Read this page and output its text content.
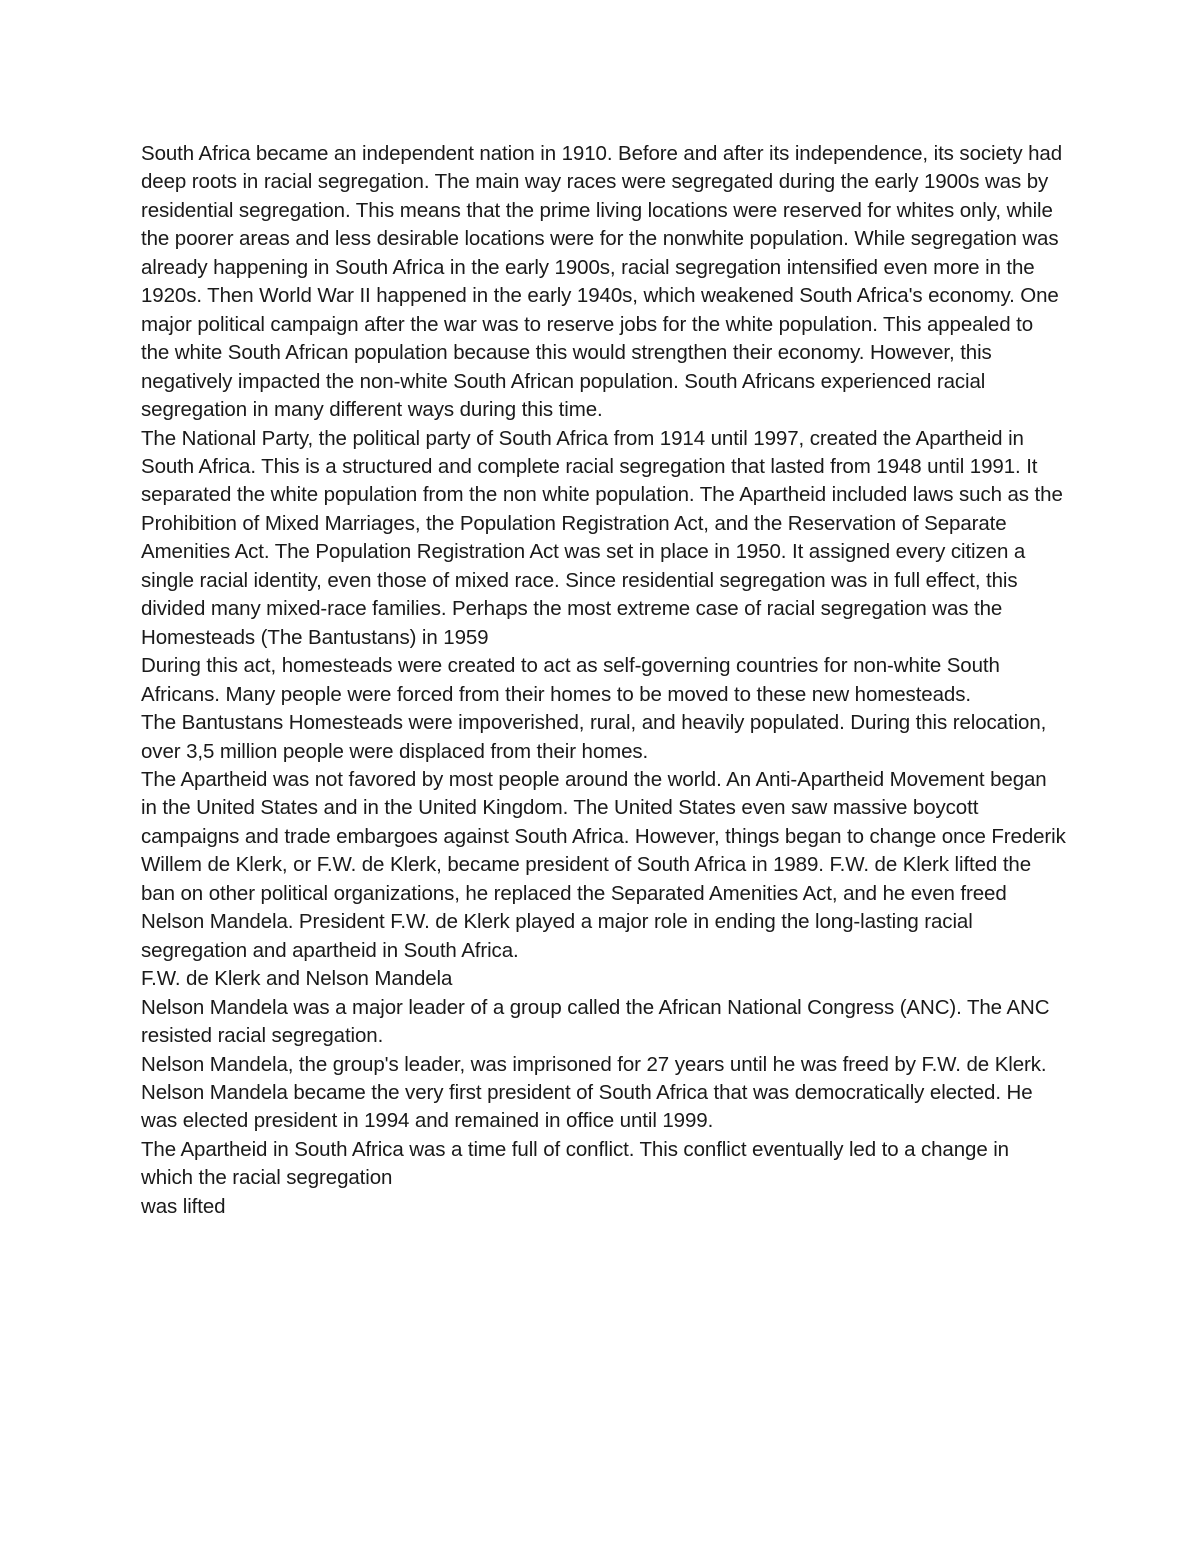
South Africa became an independent nation in 1910. Before and after its independence, its society had deep roots in racial segregation. The main way races were segregated during the early 1900s was by residential segregation. This means that the prime living locations were reserved for whites only, while the poorer areas and less desirable locations were for the nonwhite population. While segregation was already happening in South Africa in the early 1900s, racial segregation intensified even more in the 1920s. Then World War II happened in the early 1940s, which weakened South Africa's economy. One major political campaign after the war was to reserve jobs for the white population. This appealed to the white South African population because this would strengthen their economy. However, this negatively impacted the non-white South African population. South Africans experienced racial segregation in many different ways during this time.

The National Party, the political party of South Africa from 1914 until 1997, created the Apartheid in South Africa. This is a structured and complete racial segregation that lasted from 1948 until 1991. It separated the white population from the non white population. The Apartheid included laws such as the Prohibition of Mixed Marriages, the Population Registration Act, and the Reservation of Separate Amenities Act. The Population Registration Act was set in place in 1950. It assigned every citizen a single racial identity, even those of mixed race. Since residential segregation was in full effect, this divided many mixed-race families. Perhaps the most extreme case of racial segregation was the Homesteads (The Bantustans) in 1959

During this act, homesteads were created to act as self-governing countries for non-white South Africans. Many people were forced from their homes to be moved to these new homesteads.

The Bantustans Homesteads were impoverished, rural, and heavily populated. During this relocation, over 3,5 million people were displaced from their homes.

The Apartheid was not favored by most people around the world. An Anti-Apartheid Movement began in the United States and in the United Kingdom. The United States even saw massive boycott campaigns and trade embargoes against South Africa. However, things began to change once Frederik Willem de Klerk, or F.W. de Klerk, became president of South Africa in 1989. F.W. de Klerk lifted the ban on other political organizations, he replaced the Separated Amenities Act, and he even freed Nelson Mandela. President F.W. de Klerk played a major role in ending the long-lasting racial segregation and apartheid in South Africa.

F.W. de Klerk and Nelson Mandela

Nelson Mandela was a major leader of a group called the African National Congress (ANC). The ANC resisted racial segregation.

Nelson Mandela, the group's leader, was imprisoned for 27 years until he was freed by F.W. de Klerk. Nelson Mandela became the very first president of South Africa that was democratically elected. He was elected president in 1994 and remained in office until 1999.

The Apartheid in South Africa was a time full of conflict. This conflict eventually led to a change in which the racial segregation

was lifted
